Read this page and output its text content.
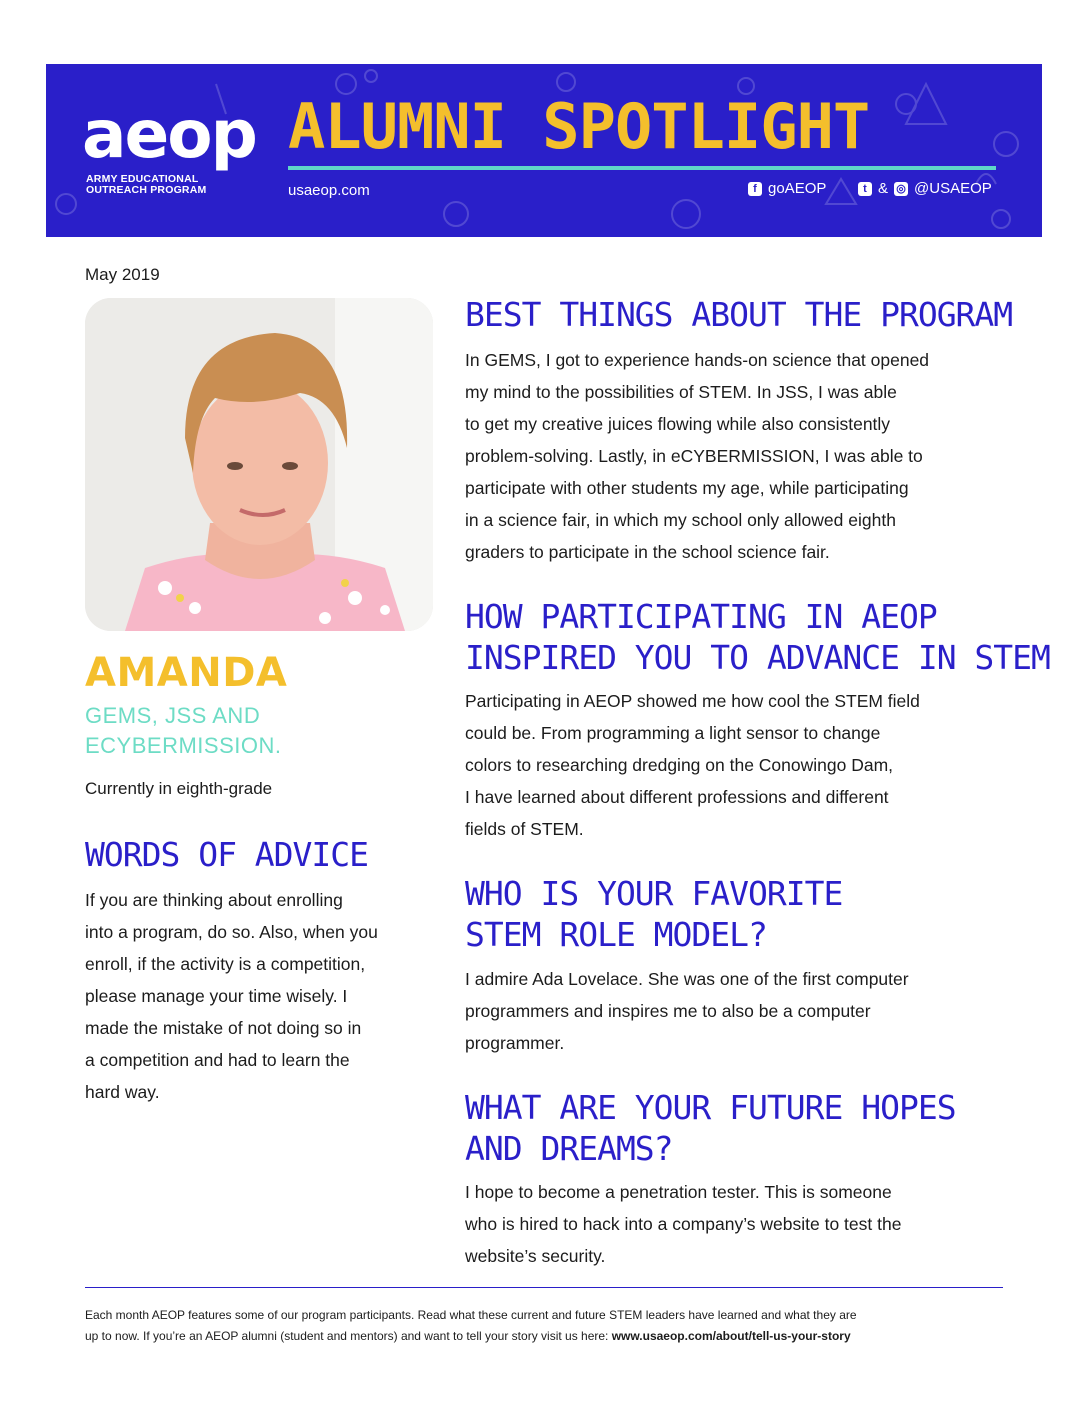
aeop
ARMY EDUCATIONAL
OUTREACH PROGRAM
ALUMNI SPOTLIGHT
usaeop.com	f goAEOP	t & ◎ @USAEOP
May 2019
AMANDA
GEMS, JSS AND
ECYBERMISSION.
Currently in eighth-grade
WORDS OF ADVICE
If you are thinking about enrolling
into a program, do so. Also, when you
enroll, if the activity is a competition,
please manage your time wisely. I
made the mistake of not doing so in
a competition and had to learn the
hard way.
BEST THINGS ABOUT THE PROGRAM
In GEMS, I got to experience hands-on science that opened
my mind to the possibilities of STEM. In JSS, I was able
to get my creative juices flowing while also consistently
problem-solving. Lastly, in eCYBERMISSION, I was able to
participate with other students my age, while participating
in a science fair, in which my school only allowed eighth
graders to participate in the school science fair.
HOW PARTICIPATING IN AEOP
INSPIRED YOU TO ADVANCE IN STEM
Participating in AEOP showed me how cool the STEM field
could be. From programming a light sensor to change
colors to researching dredging on the Conowingo Dam,
I have learned about different professions and different
fields of STEM.
WHO IS YOUR FAVORITE
STEM ROLE MODEL?
I admire Ada Lovelace. She was one of the first computer
programmers and inspires me to also be a computer
programmer.
WHAT ARE YOUR FUTURE HOPES
AND DREAMS?
I hope to become a penetration tester. This is someone
who is hired to hack into a company’s website to test the
website’s security.
Each month AEOP features some of our program participants. Read what these current and future STEM leaders have learned and what they are
up to now. If you’re an AEOP alumni (student and mentors) and want to tell your story visit us here: www.usaeop.com/about/tell-us-your-story
